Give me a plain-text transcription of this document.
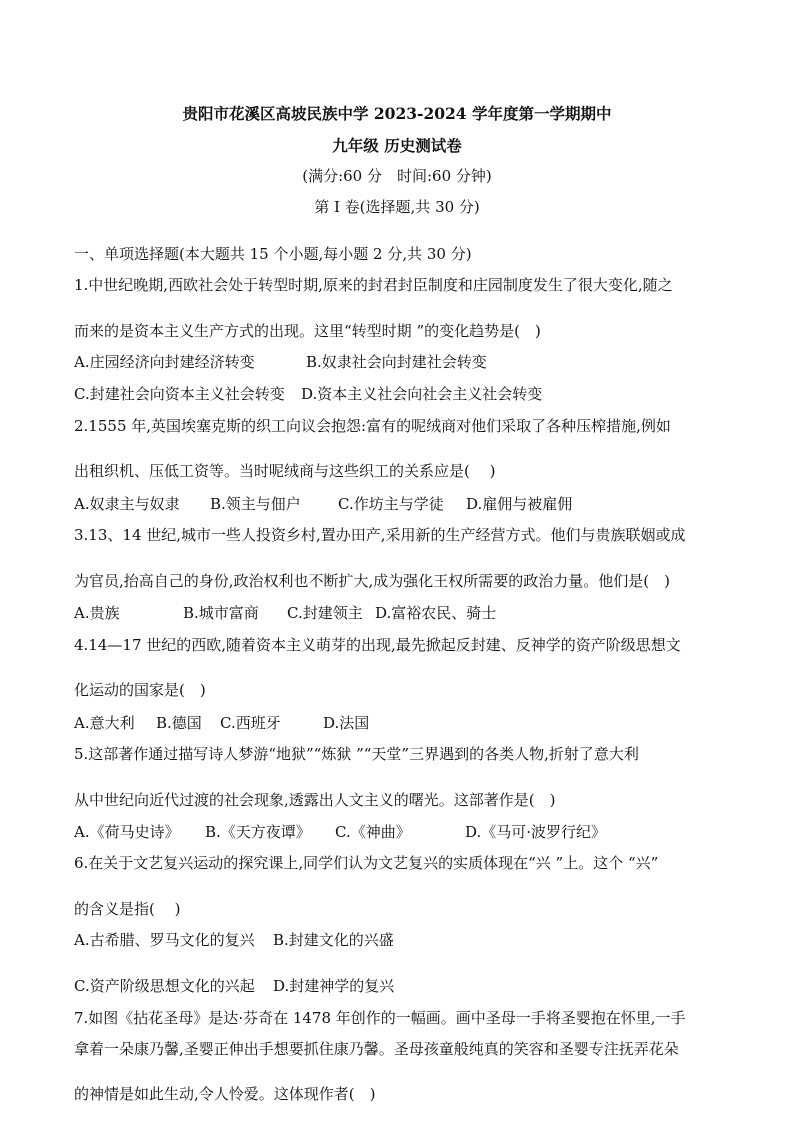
贵阳市花溪区高坡民族中学 2023-2024 学年度第一学期期中
九年级 历史测试卷
(满分:60 分　时间:60 分钟)
第 I 卷(选择题,共 30 分)
一、单项选择题(本大题共 15 个小题,每小题 2 分,共 30 分)
1.中世纪晚期,西欧社会处于转型时期,原来的封君封臣制度和庄园制度发生了很大变化,随之
而来的是资本主义生产方式的出现。这里“转型时期 ”的变化趋势是(　)
A.庄园经济向封建经济转变	B.奴隶社会向封建社会转变
C.封建社会向资本主义社会转变 D.资本主义社会向社会主义社会转变
2.1555 年,英国埃塞克斯的织工向议会抱怨:富有的呢绒商对他们采取了各种压榨措施,例如
出租织机、压低工资等。当时呢绒商与这些织工的关系应是(　 )
A.奴隶主与奴隶 B.领主与佃户 C.作坊主与学徒 D.雇佣与被雇佣
3.13、14 世纪,城市一些人投资乡村,置办田产,采用新的生产经营方式。他们与贵族联姻或成
为官员,抬高自己的身份,政治权利也不断扩大,成为强化王权所需要的政治力量。他们是(　)
A.贵族	B.城市富商 C.封建领主 D.富裕农民、骑士
4.14—17 世纪的西欧,随着资本主义萌芽的出现,最先掀起反封建、反神学的资产阶级思想文
化运动的国家是(　)
A.意大利 B.德国 C.西班牙	D.法国
5.这部著作通过描写诗人梦游“地狱”“炼狱 ”“天堂”三界遇到的各类人物,折射了意大利
从中世纪向近代过渡的社会现象,透露出人文主义的曙光。这部著作是(　)
A.《荷马史诗》 B.《天方夜谭》 C.《神曲》	D.《马可·波罗行纪》
6.在关于文艺复兴运动的探究课上,同学们认为文艺复兴的实质体现在“兴 ”上。这个 “兴”
的含义是指(　 )
A.古希腊、罗马文化的复兴 B.封建文化的兴盛
C.资产阶级思想文化的兴起 D.封建神学的复兴
7.如图《拈花圣母》是达·芬奇在 1478 年创作的一幅画。画中圣母一手将圣婴抱在怀里,一手
拿着一朵康乃馨,圣婴正伸出手想要抓住康乃馨。圣母孩童般纯真的笑容和圣婴专注抚弄花朵
的神情是如此生动,令人怜爱。这体现作者(　)
